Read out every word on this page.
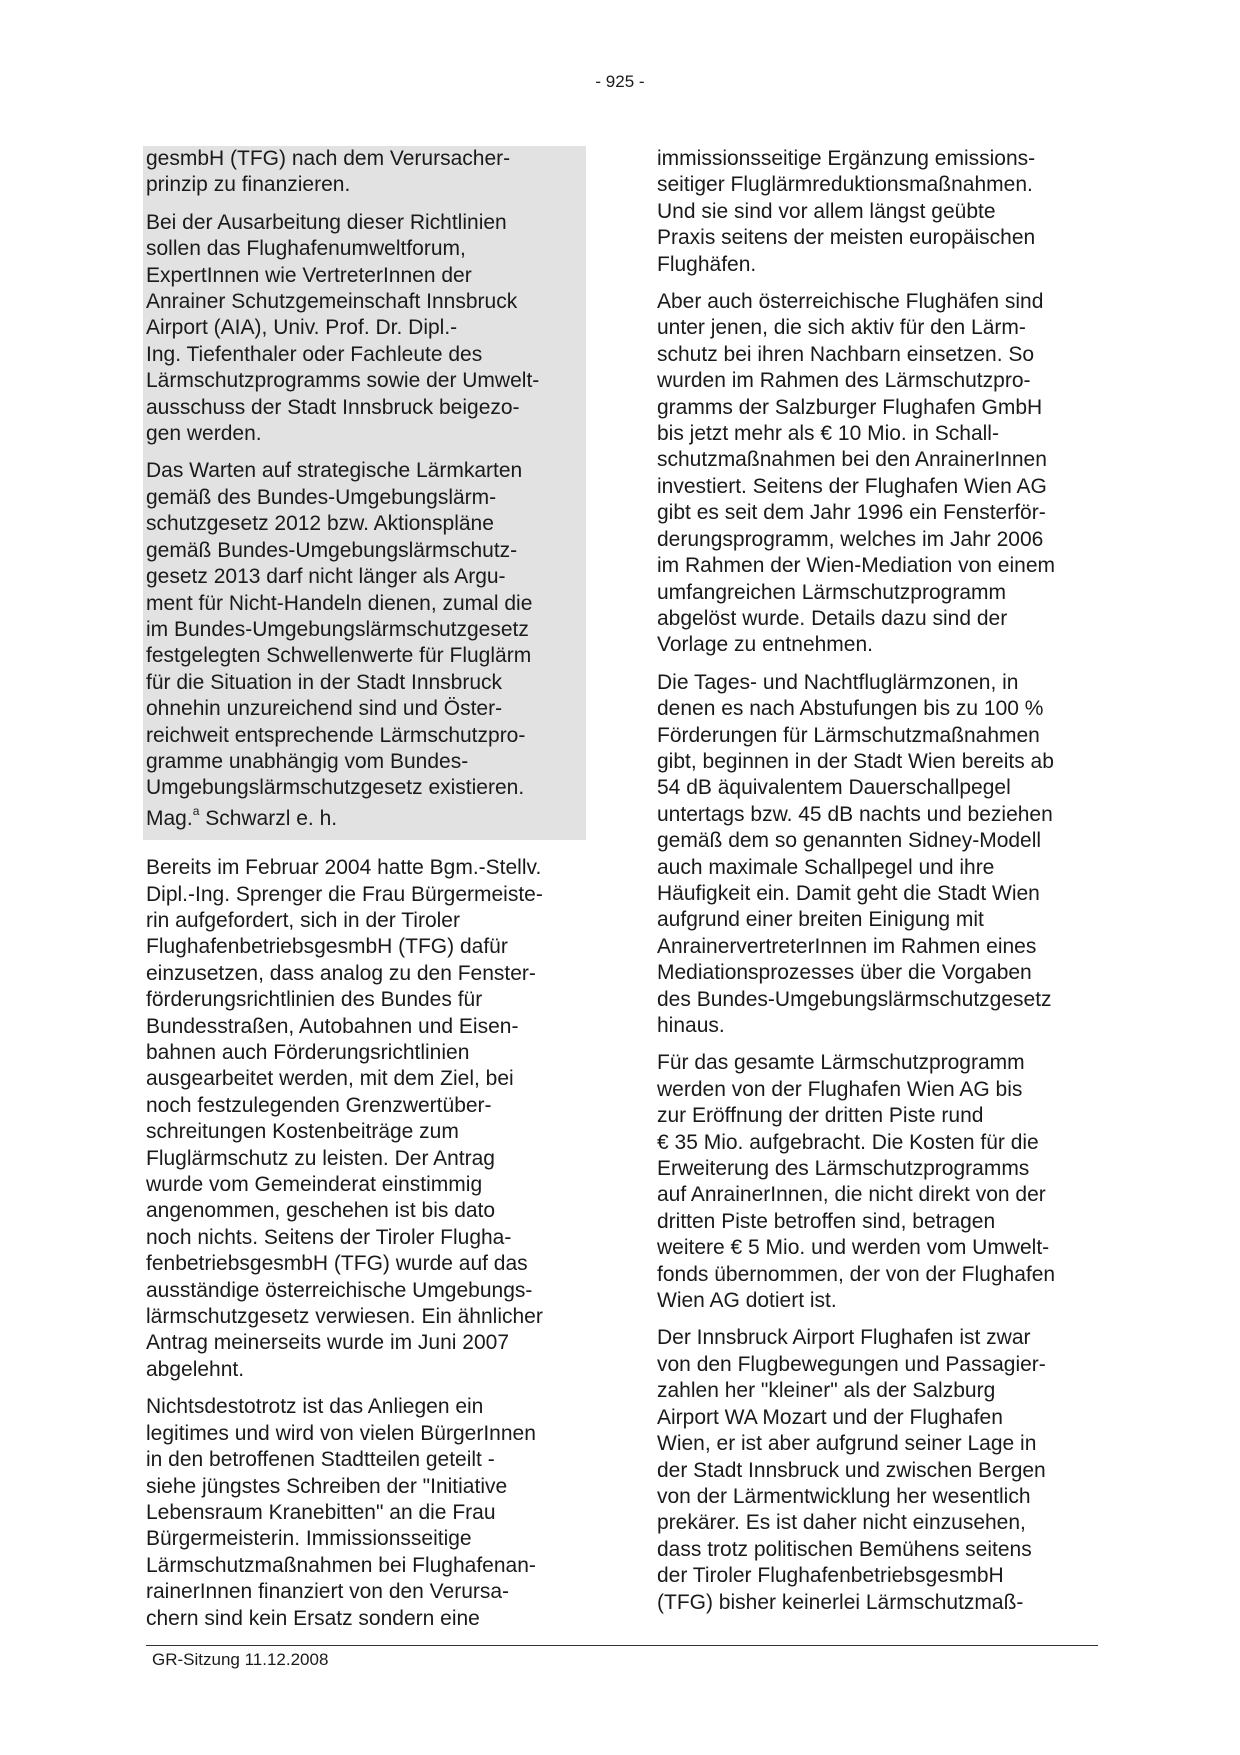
- 925 -
gesmbH (TFG) nach dem Verursacher-
prinzip zu finanzieren.
Bei der Ausarbeitung dieser Richtlinien
sollen das Flughafenumweltforum,
ExpertInnen wie VertreterInnen der
Anrainer Schutzgemeinschaft Innsbruck
Airport (AIA), Univ. Prof. Dr. Dipl.-
Ing. Tiefenthaler oder Fachleute des
Lärmschutzprogramms sowie der Umwelt-
ausschuss der Stadt Innsbruck beigezo-
gen werden.
Das Warten auf strategische Lärmkarten
gemäß des Bundes-Umgebungslärm-
schutzgesetz 2012 bzw. Aktionspläne
gemäß Bundes-Umgebungslärmschutz-
gesetz 2013 darf nicht länger als Argu-
ment für Nicht-Handeln dienen, zumal die
im Bundes-Umgebungslärmschutzgesetz
festgelegten Schwellenwerte für Fluglärm
für die Situation in der Stadt Innsbruck
ohnehin unzureichend sind und Öster-
reichweit entsprechende Lärmschutzpro-
gramme unabhängig vom Bundes-
Umgebungslärmschutzgesetz existieren.
Mag.$^a$ Schwarzl e. h.
Bereits im Februar 2004 hatte Bgm.-Stellv.
Dipl.-Ing. Sprenger die Frau Bürgermeiste-
rin aufgefordert, sich in der Tiroler
FlughafenbetriebsgesmbH (TFG) dafür
einzusetzen, dass analog zu den Fenster-
förderungsrichtlinien des Bundes für
Bundesstraßen, Autobahnen und Eisen-
bahnen auch Förderungsrichtlinien
ausgearbeitet werden, mit dem Ziel, bei
noch festzulegenden Grenzwertüber-
schreitungen Kostenbeiträge zum
Fluglärmschutz zu leisten. Der Antrag
wurde vom Gemeinderat einstimmig
angenommen, geschehen ist bis dato
noch nichts. Seitens der Tiroler Flugha-
fenbetriebsgesmbH (TFG) wurde auf das
ausständige österreichische Umgebungs-
lärmschutzgesetz verwiesen. Ein ähnlicher
Antrag meinerseits wurde im Juni 2007
abgelehnt.
Nichtsdestotrotz ist das Anliegen ein
legitimes und wird von vielen BürgerInnen
in den betroffenen Stadtteilen geteilt -
siehe jüngstes Schreiben der "Initiative
Lebensraum Kranebitten" an die Frau
Bürgermeisterin. Immissionsseitige
Lärmschutzmaßnahmen bei Flughafenan-
rainerInnen finanziert von den Verursa-
chern sind kein Ersatz sondern eine
immissionsseitige Ergänzung emissions-
seitiger Fluglärmreduktionsmaßnahmen.
Und sie sind vor allem längst geübte
Praxis seitens der meisten europäischen
Flughäfen.
Aber auch österreichische Flughäfen sind
unter jenen, die sich aktiv für den Lärm-
schutz bei ihren Nachbarn einsetzen. So
wurden im Rahmen des Lärmschutzpro-
gramms der Salzburger Flughafen GmbH
bis jetzt mehr als € 10 Mio. in Schall-
schutzmaßnahmen bei den AnrainerInnen
investiert. Seitens der Flughafen Wien AG
gibt es seit dem Jahr 1996 ein Fensterför-
derungsprogramm, welches im Jahr 2006
im Rahmen der Wien-Mediation von einem
umfangreichen Lärmschutzprogramm
abgelöst wurde. Details dazu sind der
Vorlage zu entnehmen.
Die Tages- und Nachtfluglärmzonen, in
denen es nach Abstufungen bis zu 100 %
Förderungen für Lärmschutzmaßnahmen
gibt, beginnen in der Stadt Wien bereits ab
54 dB äquivalentem Dauerschallpegel
untertags bzw. 45 dB nachts und beziehen
gemäß dem so genannten Sidney-Modell
auch maximale Schallpegel und ihre
Häufigkeit ein. Damit geht die Stadt Wien
aufgrund einer breiten Einigung mit
AnrainervertreterInnen im Rahmen eines
Mediationsprozesses über die Vorgaben
des Bundes-Umgebungslärmschutzgesetz
hinaus.
Für das gesamte Lärmschutzprogramm
werden von der Flughafen Wien AG bis
zur Eröffnung der dritten Piste rund
€ 35 Mio. aufgebracht. Die Kosten für die
Erweiterung des Lärmschutzprogramms
auf AnrainerInnen, die nicht direkt von der
dritten Piste betroffen sind, betragen
weitere € 5 Mio. und werden vom Umwelt-
fonds übernommen, der von der Flughafen
Wien AG dotiert ist.
Der Innsbruck Airport Flughafen ist zwar
von den Flugbewegungen und Passagier-
zahlen her "kleiner" als der Salzburg
Airport WA Mozart und der Flughafen
Wien, er ist aber aufgrund seiner Lage in
der Stadt Innsbruck und zwischen Bergen
von der Lärmentwicklung her wesentlich
prekärer. Es ist daher nicht einzusehen,
dass trotz politischen Bemühens seitens
der Tiroler FlughafenbetriebsgesmbH
(TFG) bisher keinerlei Lärmschutzmaß-
GR-Sitzung 11.12.2008
